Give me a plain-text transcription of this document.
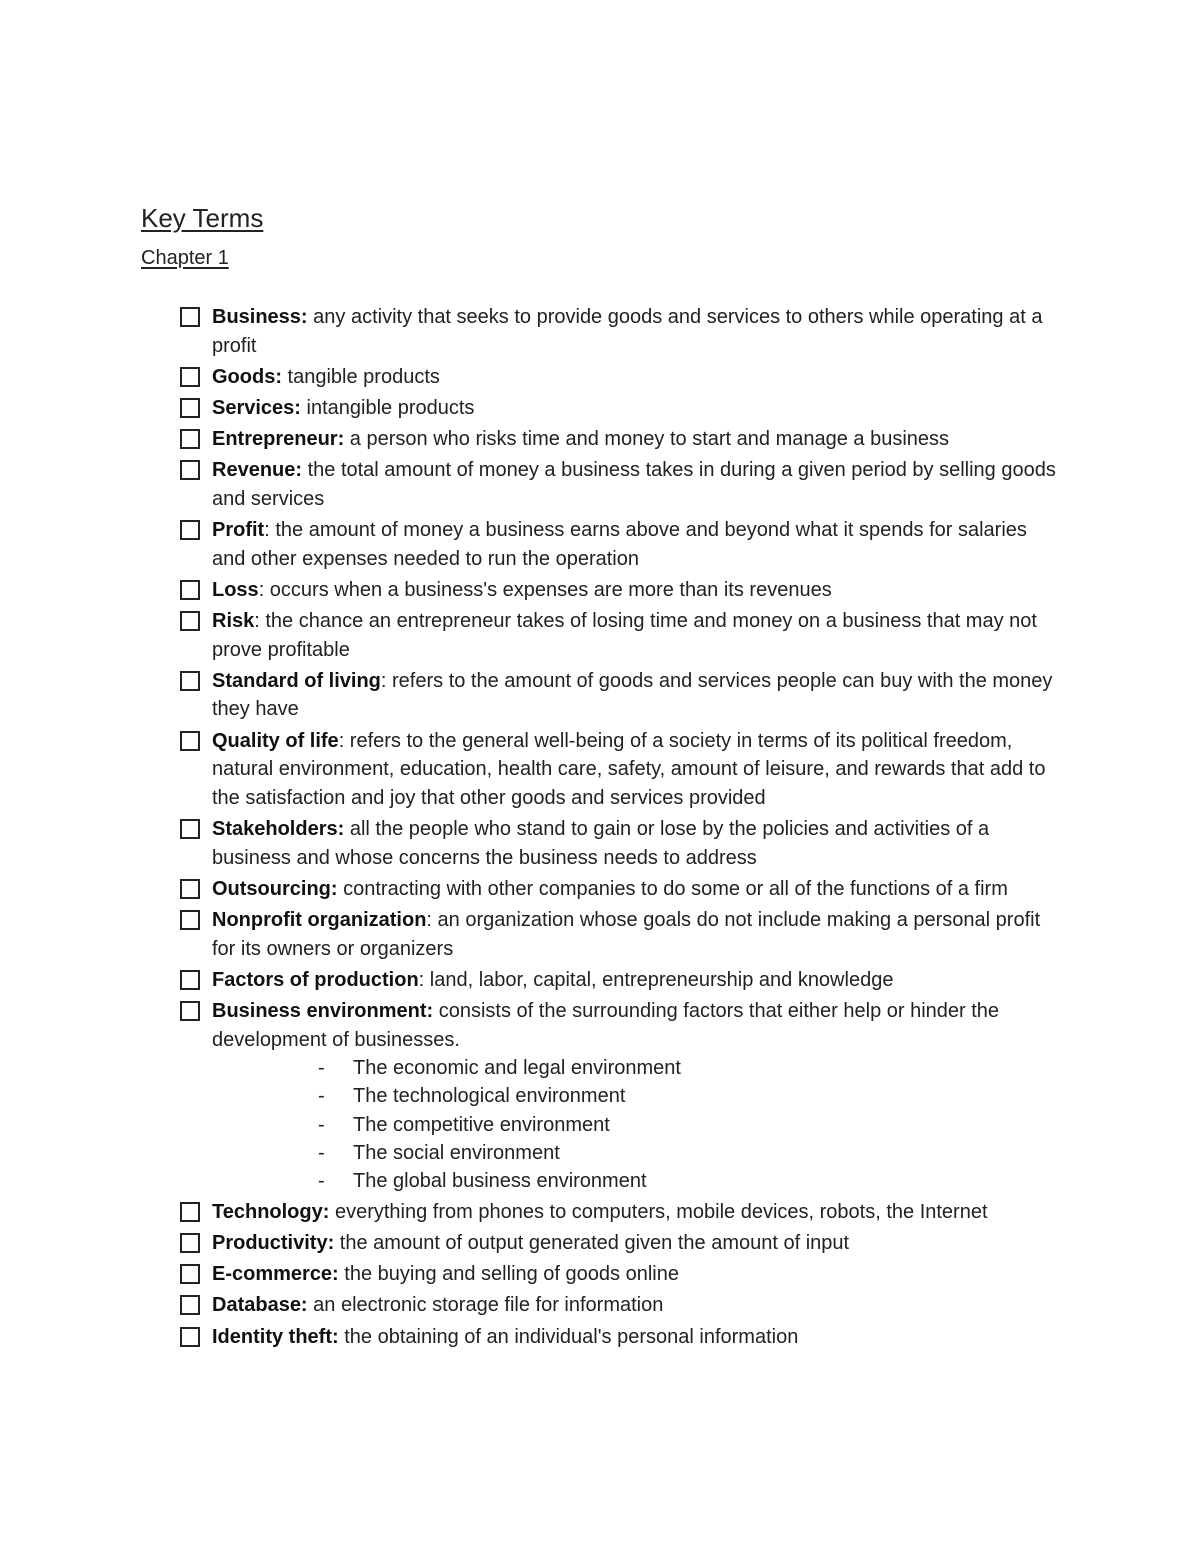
Key Terms
Chapter 1
Business: any activity that seeks to provide goods and services to others while operating at a profit
Goods: tangible products
Services: intangible products
Entrepreneur: a person who risks time and money to start and manage a business
Revenue: the total amount of money a business takes in during a given period by selling goods and services
Profit: the amount of money a business earns above and beyond what it spends for salaries and other expenses needed to run the operation
Loss: occurs when a business's expenses are more than its revenues
Risk: the chance an entrepreneur takes of losing time and money on a business that may not prove profitable
Standard of living: refers to the amount of goods and services people can buy with the money they have
Quality of life: refers to the general well-being of a society in terms of its political freedom, natural environment, education, health care, safety, amount of leisure, and rewards that add to the satisfaction and joy that other goods and services provided
Stakeholders: all the people who stand to gain or lose by the policies and activities of a business and whose concerns the business needs to address
Outsourcing: contracting with other companies to do some or all of the functions of a firm
Nonprofit organization: an organization whose goals do not include making a personal profit for its owners or organizers
Factors of production: land, labor, capital, entrepreneurship and knowledge
Business environment: consists of the surrounding factors that either help or hinder the development of businesses.
- The economic and legal environment
- The technological environment
- The competitive environment
- The social environment
- The global business environment
Technology: everything from phones to computers, mobile devices, robots, the Internet
Productivity: the amount of output generated given the amount of input
E-commerce: the buying and selling of goods online
Database: an electronic storage file for information
Identity theft: the obtaining of an individual's personal information
